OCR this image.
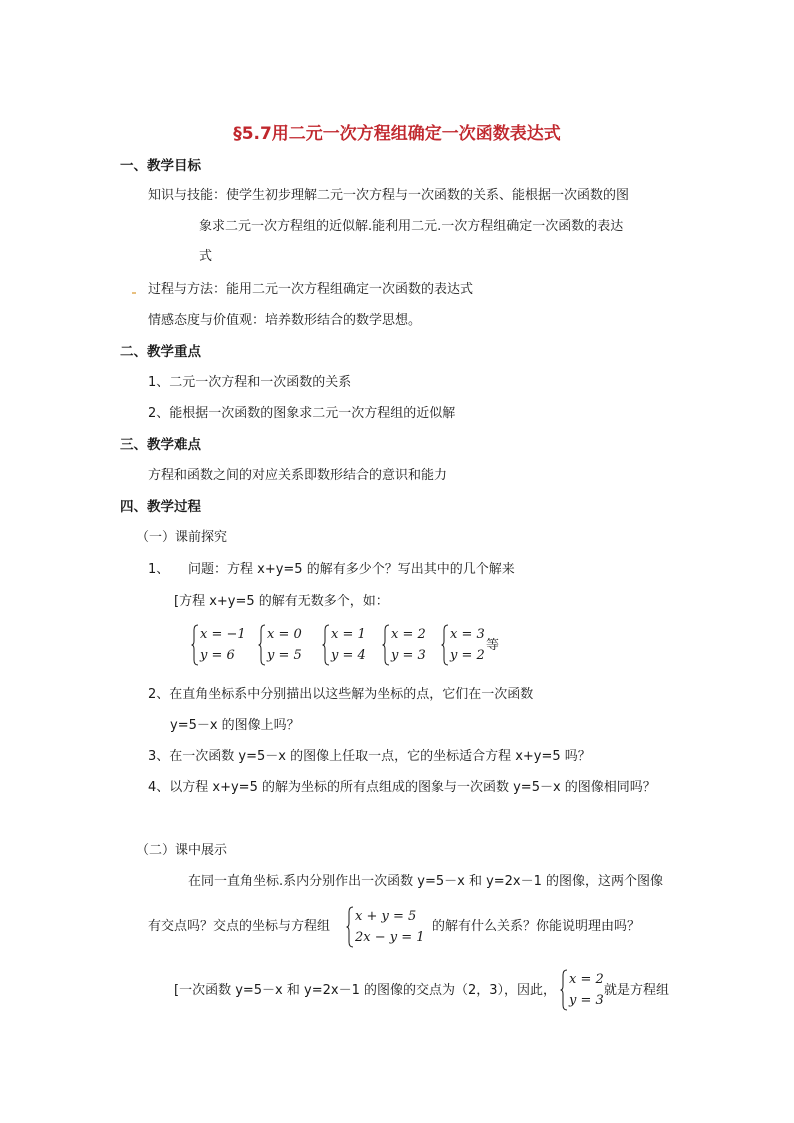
§5.7用二元一次方程组确定一次函数表达式
一、教学目标
知识与技能：使学生初步理解二元一次方程与一次函数的关系、能根据一次函数的图
象求二元一次方程组的近似解.能利用二元.一次方程组确定一次函数的表达
式
过程与方法：能用二元一次方程组确定一次函数的表达式
情感态度与价值观：培养数形结合的数学思想。
二、教学重点
1、二元一次方程和一次函数的关系
2、能根据一次函数的图象求二元一次方程组的近似解
三、教学难点
方程和函数之间的对应关系即数形结合的意识和能力
四、教学过程
（一）课前探究
1、 问题：方程 x+y=5 的解有多少个？写出其中的几个解来
[方程 x+y=5 的解有无数多个，如：
x = −1
y = 6
x = 0
y = 5
x = 1
y = 4
x = 2
y = 3
x = 3
y = 2
等
2、在直角坐标系中分别描出以这些解为坐标的点，它们在一次函数
y=5－x 的图像上吗？
3、在一次函数 y=5－x 的图像上任取一点，它的坐标适合方程 x+y=5 吗？
4、以方程 x+y=5 的解为坐标的所有点组成的图象与一次函数 y=5－x 的图像相同吗？
（二）课中展示
在同一直角坐标.系内分别作出一次函数 y=5－x 和 y=2x－1 的图像，这两个图像
有交点吗？交点的坐标与方程组
x + y = 5
2x − y = 1
的解有什么关系？你能说明理由吗？
[一次函数 y=5－x 和 y=2x－1 的图像的交点为（2，3），因此，
x = 2
y = 3
就是方程组
